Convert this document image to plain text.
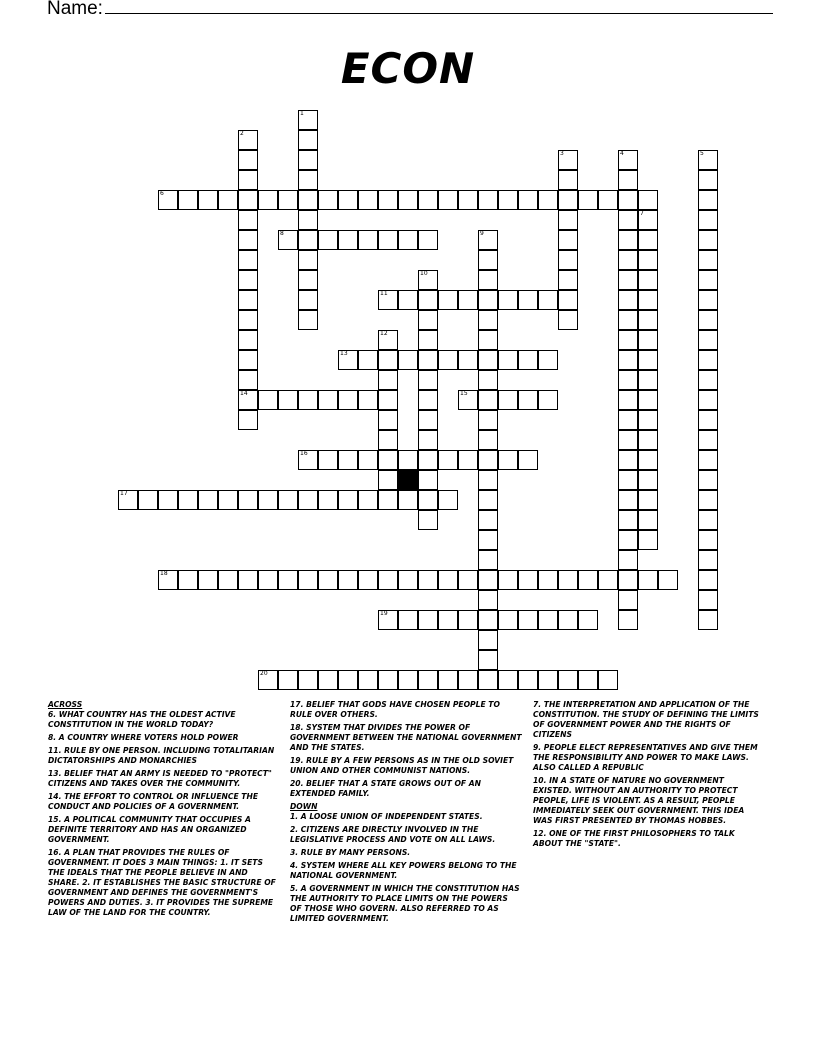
Name:
ECON
1
2
14
3	4	5
6
7
8	9
10
11
12
13
15
16
17
18
19
20
ACROSS
6. WHAT COUNTRY HAS THE OLDEST ACTIVE CONSTITUTION IN THE WORLD TODAY?
8. A COUNTRY WHERE VOTERS HOLD POWER
11. RULE BY ONE PERSON. INCLUDING TOTALITARIAN DICTATORSHIPS AND MONARCHIES
13. BELIEF THAT AN ARMY IS NEEDED TO "PROTECT" CITIZENS AND TAKES OVER THE COMMUNITY.
14. THE EFFORT TO CONTROL OR INFLUENCE THE CONDUCT AND POLICIES OF A GOVERNMENT.
15. A POLITICAL COMMUNITY THAT OCCUPIES A DEFINITE TERRITORY AND HAS AN ORGANIZED GOVERNMENT.
16. A PLAN THAT PROVIDES THE RULES OF GOVERNMENT. IT DOES 3 MAIN THINGS: 1. IT SETS THE IDEALS THAT THE PEOPLE BELIEVE IN AND SHARE. 2. IT ESTABLISHES THE BASIC STRUCTURE OF GOVERNMENT AND DEFINES THE GOVERNMENT'S POWERS AND DUTIES. 3. IT PROVIDES THE SUPREME LAW OF THE LAND FOR THE COUNTRY.
17. BELIEF THAT GODS HAVE CHOSEN PEOPLE TO RULE OVER OTHERS.
18. SYSTEM THAT DIVIDES THE POWER OF GOVERNMENT BETWEEN THE NATIONAL GOVERNMENT AND THE STATES.
19. RULE BY A FEW PERSONS AS IN THE OLD SOVIET UNION AND OTHER COMMUNIST NATIONS.
20. BELIEF THAT A STATE GROWS OUT OF AN EXTENDED FAMILY.
DOWN
1. A LOOSE UNION OF INDEPENDENT STATES.
2. CITIZENS ARE DIRECTLY INVOLVED IN THE LEGISLATIVE PROCESS AND VOTE ON ALL LAWS.
3. RULE BY MANY PERSONS.
4. SYSTEM WHERE ALL KEY POWERS BELONG TO THE NATIONAL GOVERNMENT.
5. A GOVERNMENT IN WHICH THE CONSTITUTION HAS THE AUTHORITY TO PLACE LIMITS ON THE POWERS OF THOSE WHO GOVERN. ALSO REFERRED TO AS LIMITED GOVERNMENT.
7. THE INTERPRETATION AND APPLICATION OF THE CONSTITUTION. THE STUDY OF DEFINING THE LIMITS OF GOVERNMENT POWER AND THE RIGHTS OF CITIZENS
9. PEOPLE ELECT REPRESENTATIVES AND GIVE THEM THE RESPONSIBILITY AND POWER TO MAKE LAWS. ALSO CALLED A REPUBLIC
10. IN A STATE OF NATURE NO GOVERNMENT EXISTED. WITHOUT AN AUTHORITY TO PROTECT PEOPLE, LIFE IS VIOLENT. AS A RESULT, PEOPLE IMMEDIATELY SEEK OUT GOVERNMENT. THIS IDEA WAS FIRST PRESENTED BY THOMAS HOBBES.
12. ONE OF THE FIRST PHILOSOPHERS TO TALK ABOUT THE "STATE".
